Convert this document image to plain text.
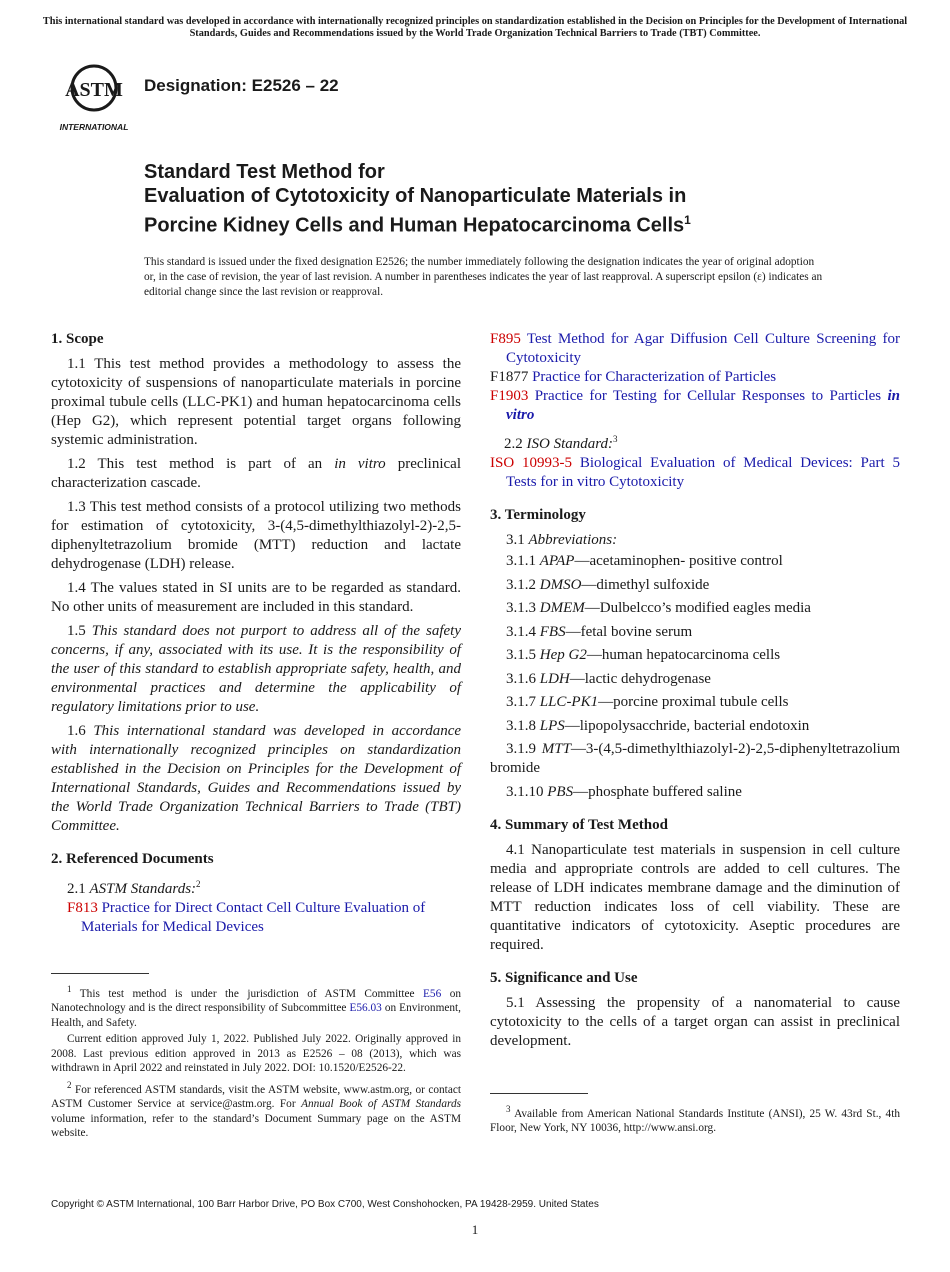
This international standard was developed in accordance with internationally recognized principles on standardization established in the Decision on Principles for the Development of International Standards, Guides and Recommendations issued by the World Trade Organization Technical Barriers to Trade (TBT) Committee.
ASTM
INTERNATIONAL
Designation: E2526 – 22
Standard Test Method for
Evaluation of Cytotoxicity of Nanoparticulate Materials in
Porcine Kidney Cells and Human Hepatocarcinoma Cells$^1$
This standard is issued under the fixed designation E2526; the number immediately following the designation indicates the year of original adoption or, in the case of revision, the year of last revision. A number in parentheses indicates the year of last reapproval. A superscript epsilon (ε) indicates an editorial change since the last revision or reapproval.
1. Scope

1.1 This test method provides a methodology to assess the cytotoxicity of suspensions of nanoparticulate materials in porcine proximal tubule cells (LLC-PK1) and human hepatocarcinoma cells (Hep G2), which represent potential target organs following systemic administration.

1.2 This test method is part of an in vitro preclinical characterization cascade.

1.3 This test method consists of a protocol utilizing two methods for estimation of cytotoxicity, 3-(4,5-dimethylthiazolyl-2)-2,5-diphenyltetrazolium bromide (MTT) reduction and lactate dehydrogenase (LDH) release.

1.4 The values stated in SI units are to be regarded as standard. No other units of measurement are included in this standard.

1.5 This standard does not purport to address all of the safety concerns, if any, associated with its use. It is the responsibility of the user of this standard to establish appropriate safety, health, and environmental practices and determine the applicability of regulatory limitations prior to use.

1.6 This international standard was developed in accordance with internationally recognized principles on standardization established in the Decision on Principles for the Development of International Standards, Guides and Recommendations issued by the World Trade Organization Technical Barriers to Trade (TBT) Committee.

2. Referenced Documents

2.1 ASTM Standards:$^2$

F813 Practice for Direct Contact Cell Culture Evaluation of Materials for Medical Devices

$^1$ This test method is under the jurisdiction of ASTM Committee E56 on Nanotechnology and is the direct responsibility of Subcommittee E56.03 on Environment, Health, and Safety.

Current edition approved July 1, 2022. Published July 2022. Originally approved in 2008. Last previous edition approved in 2013 as E2526 – 08 (2013), which was withdrawn in April 2022 and reinstated in July 2022. DOI: 10.1520/E2526-22.

$^2$ For referenced ASTM standards, visit the ASTM website, www.astm.org, or contact ASTM Customer Service at service@astm.org. For Annual Book of ASTM Standards volume information, refer to the standard’s Document Summary page on the ASTM website.

F895 Test Method for Agar Diffusion Cell Culture Screening for Cytotoxicity
F1877 Practice for Characterization of Particles
F1903 Practice for Testing for Cellular Responses to Particles in vitro

2.2 ISO Standard:$^3$

ISO 10993-5 Biological Evaluation of Medical Devices: Part 5 Tests for in vitro Cytotoxicity
3. Terminology

3.1 Abbreviations:

3.1.1 APAP—acetaminophen- positive control

3.1.2 DMSO—dimethyl sulfoxide

3.1.3 DMEM—Dulbelcco’s modified eagles media

3.1.4 FBS—fetal bovine serum

3.1.5 Hep G2—human hepatocarcinoma cells

3.1.6 LDH—lactic dehydrogenase

3.1.7 LLC-PK1—porcine proximal tubule cells

3.1.8 LPS—lipopolysacchride, bacterial endotoxin

3.1.9 MTT—3-(4,5-dimethylthiazolyl-2)-2,5-diphenyltetrazolium bromide

3.1.10 PBS—phosphate buffered saline

4. Summary of Test Method

4.1 Nanoparticulate test materials in suspension in cell culture media and appropriate controls are added to cell cultures. The release of LDH indicates membrane damage and the diminution of MTT reduction indicates loss of cell viability. These are quantitative indicators of cytotoxicity. Aseptic procedures are required.

5. Significance and Use

5.1 Assessing the propensity of a nanomaterial to cause cytotoxicity to the cells of a target organ can assist in preclinical development.

$^3$ Available from American National Standards Institute (ANSI), 25 W. 43rd St., 4th Floor, New York, NY 10036, http://www.ansi.org.

Copyright © ASTM International, 100 Barr Harbor Drive, PO Box C700, West Conshohocken, PA 19428-2959. United States
1
